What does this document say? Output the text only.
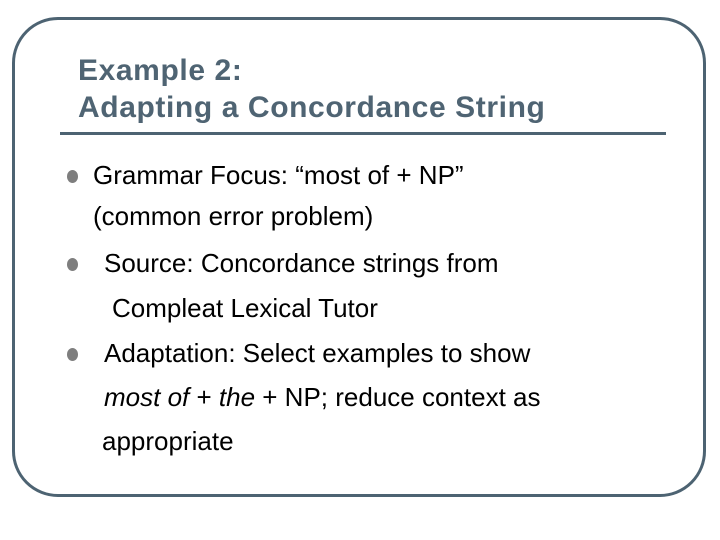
Example 2:
Adapting a Concordance String
Grammar Focus: “most of + NP”
(common error problem)
Source: Concordance strings from
Compleat Lexical Tutor
Adaptation: Select examples to show
most of + the + NP; reduce context as
appropriate
